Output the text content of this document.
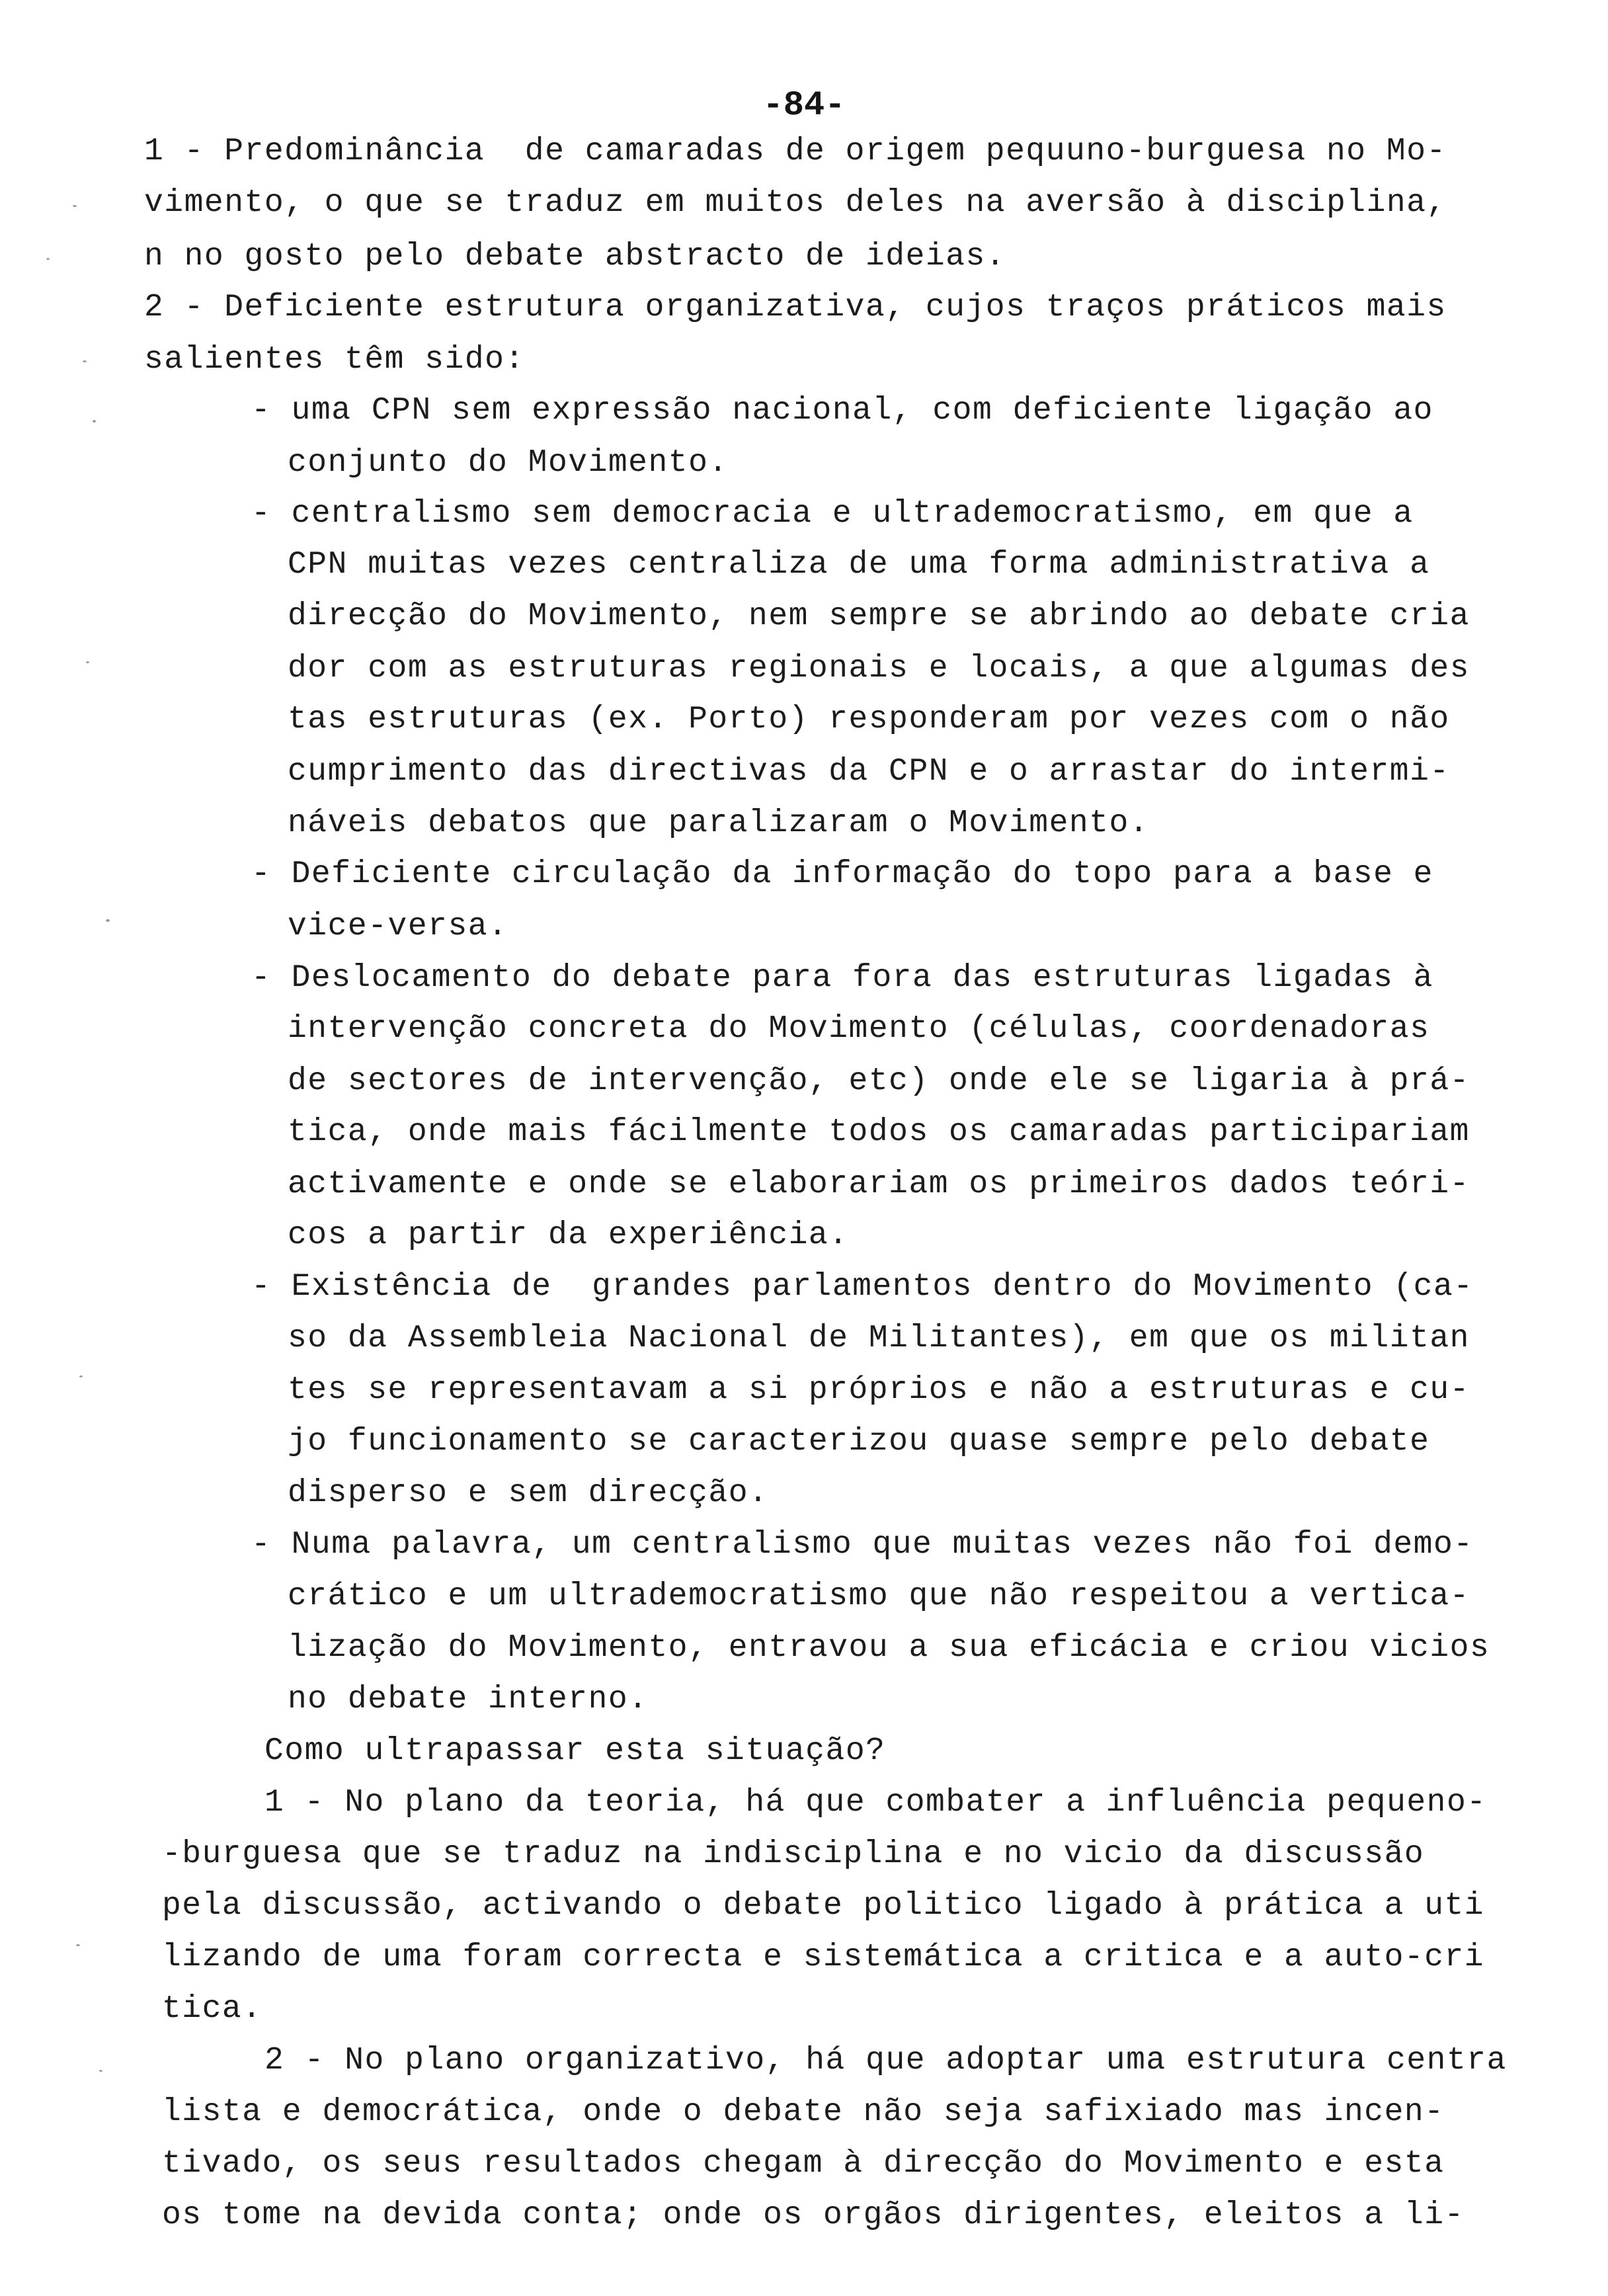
-84-
1 - Predominância  de camaradas de origem pequuno-burguesa no Mo-
vimento, o que se traduz em muitos deles na aversão à disciplina,
n no gosto pelo debate abstracto de ideias.
2 - Deficiente estrutura organizativa, cujos traços práticos mais
salientes têm sido:
- uma CPN sem expressão nacional, com deficiente ligação ao
conjunto do Movimento.
- centralismo sem democracia e ultrademocratismo, em que a
CPN muitas vezes centraliza de uma forma administrativa a
direcção do Movimento, nem sempre se abrindo ao debate cria
dor com as estruturas regionais e locais, a que algumas des
tas estruturas (ex. Porto) responderam por vezes com o não
cumprimento das directivas da CPN e o arrastar do intermi-
náveis debatos que paralizaram o Movimento.
- Deficiente circulação da informação do topo para a base e
vice-versa.
- Deslocamento do debate para fora das estruturas ligadas à
intervenção concreta do Movimento (células, coordenadoras
de sectores de intervenção, etc) onde ele se ligaria à prá-
tica, onde mais fácilmente todos os camaradas participariam
activamente e onde se elaborariam os primeiros dados teóri-
cos a partir da experiência.
- Existência de  grandes parlamentos dentro do Movimento (ca-
so da Assembleia Nacional de Militantes), em que os militan
tes se representavam a si próprios e não a estruturas e cu-
jo funcionamento se caracterizou quase sempre pelo debate
disperso e sem direcção.
- Numa palavra, um centralismo que muitas vezes não foi demo-
crático e um ultrademocratismo que não respeitou a vertica-
lização do Movimento, entravou a sua eficácia e criou vicios
no debate interno.
Como ultrapassar esta situação?
1 - No plano da teoria, há que combater a influência pequeno-
-burguesa que se traduz na indisciplina e no vicio da discussão
pela discussão, activando o debate politico ligado à prática a uti
lizando de uma foram correcta e sistemática a critica e a auto-cri
tica.
2 - No plano organizativo, há que adoptar uma estrutura centra
lista e democrática, onde o debate não seja safixiado mas incen-
tivado, os seus resultados chegam à direcção do Movimento e esta
os tome na devida conta; onde os orgãos dirigentes, eleitos a li-
